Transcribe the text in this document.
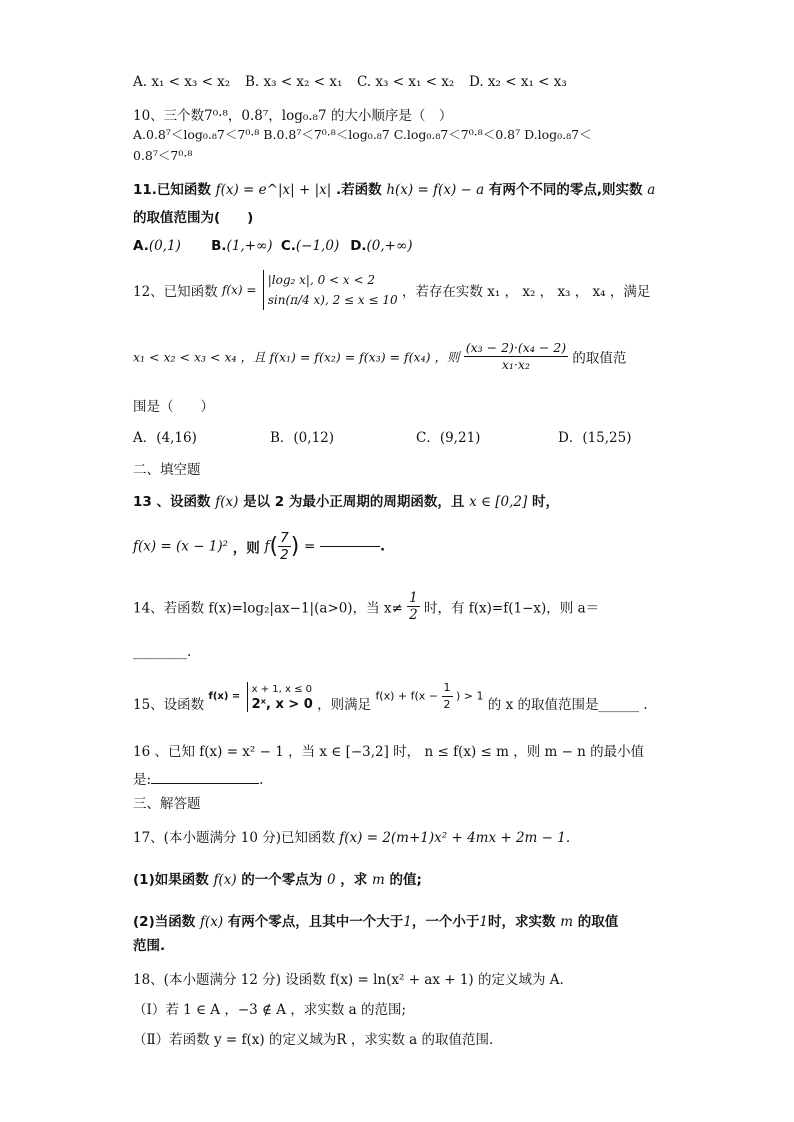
A. x₁ < x₃ < x₂ B. x₃ < x₂ < x₁ C. x₃ < x₁ < x₂ D. x₂ < x₁ < x₃
10、三个数7⁰·⁸，0.8⁷，log₀.₈7 的大小顺序是（　）
A.0.8⁷＜log₀.₈7＜7⁰·⁸ B.0.8⁷＜7⁰·⁸＜log₀.₈7 C.log₀.₈7＜7⁰·⁸＜0.8⁷ D.log₀.₈7＜
0.8⁷＜7⁰·⁸
11.已知函数 f(x) = e^|x| + |x| .若函数 h(x) = f(x) − a 有两个不同的零点,则实数 a
的取值范围为(　　)
A.(0,1) B.(1,+∞) C.(−1,0) D.(0,+∞)
12、已知函数 f(x) =
|log₂ x|, 0 < x < 2
sin(π/4 x), 2 ≤ x ≤ 10 ，若存在实数 x₁ ， x₂ ， x₃ ， x₄ ，满足
x₁ < x₂ < x₃ < x₄ ，且 f(x₁) = f(x₂) = f(x₃) = f(x₄) ，则 $\frac{\text{(x₃ − 2)·(x₄ − 2)}}{\text{x₁·x₂}}$ 的取值范
围是（　　）
A．(4,16)	B．(0,12)	C．(9,21)	D．(15,25)
二、填空题
13 、设函数 f(x) 是以 2 为最小正周期的周期函数，且 x ∈ [0,2] 时，
f(x) = (x − 1)² ，则 $f( \frac{7}{2}$ ) =	.
14、若函数 f(x)=log₂|ax−1|(a>0)，当 $x\ne \frac{1}{2}$ 时，有 f(x)=f(1−x)，则 a＝
________.
15、设函数 f(x) =
x + 1, x ≤ 0
2ˣ, x > 0 ，则满足 $f(x) + f(x - \frac{1}{2}$ ) > 1 的 x 的取值范围是______ .
16 、已知 f(x) = x² − 1 ，当 x ∈ [−3,2] 时， n ≤ f(x) ≤ m ，则 m − n 的最小值
是:	.
三、解答题
17、(本小题满分 10 分)已知函数 f(x) = 2(m+1)x² + 4mx + 2m − 1.
(1)如果函数 f(x) 的一个零点为 0 ，求 m 的值;
(2)当函数 f(x) 有两个零点，且其中一个大于1，一个小于1时，求实数 m 的取值
范围.
18、(本小题满分 12 分) 设函数 f(x) = ln(x² + ax + 1) 的定义域为 A.
（Ⅰ）若 1 ∈ A ，−3 ∉ A ，求实数 a 的范围;
（Ⅱ）若函数 y = f(x) 的定义域为R ，求实数 a 的取值范围.
